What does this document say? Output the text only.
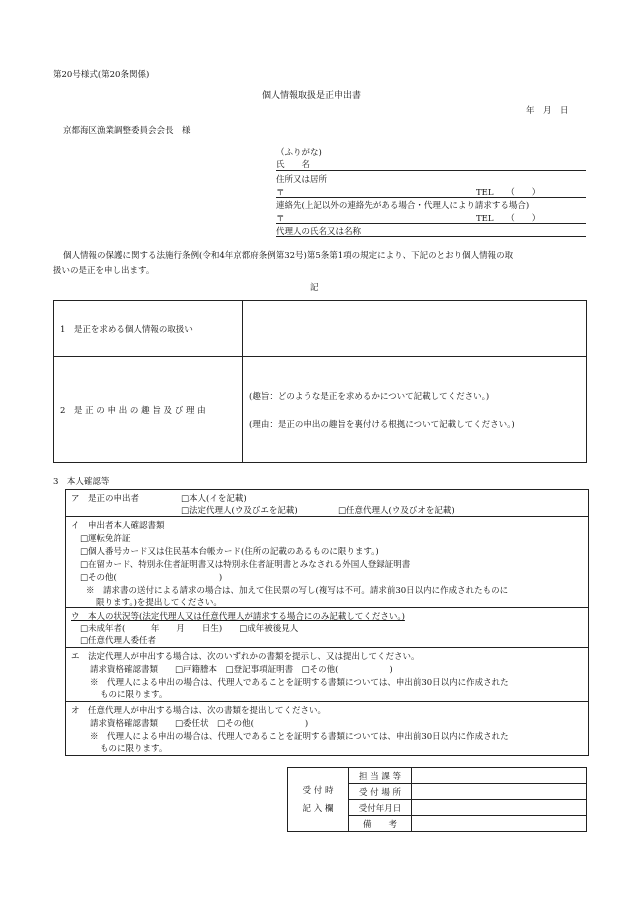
第20号様式(第20条関係)
個人情報取扱是正申出書
年　月　日
京都海区漁業調整委員会会長　様
（ふりがな)
氏　　名
住所又は居所
〒	TEL　　（　　）
連絡先(上記以外の連絡先がある場合・代理人により請求する場合)
〒	TEL　　（　　）
代理人の氏名又は名称
個人情報の保護に関する法施行条例(令和4年京都府条例第32号)第5条第1項の規定により、下記のとおり個人情報の取
扱いの是正を申し出ます。
記
1　是正を求める個人情報の取扱い	
2　是 正 の 申 出 の 趣 旨 及 び 理 由	(趣旨：どのような是正を求めるかについて記載してください。)
(理由：是正の申出の趣旨を裏付ける根拠について記載してください。)
3　本人確認等
ア　是正の申出者	□本人(イを記載)
□法定代理人(ウ及びエを記載)	□任意代理人(ウ及びオを記載)
イ　申出者本人確認書類
□運転免許証
□個人番号カード又は住民基本台帳カード(住所の記載のあるものに限ります。)
□在留カード、特別永住者証明書又は特別永住者証明書とみなされる外国人登録証明書
□その他(　　　　　　　　　　　　)
※　請求書の送付による請求の場合は、加えて住民票の写し(複写は不可。請求前30日以内に作成されたものに
限ります。)を提出してください。
ウ　本人の状況等(法定代理人又は任意代理人が請求する場合にのみ記載してください。)
□未成年者(　　　年　　月　　日生)　　□成年被後見人
□任意代理人委任者
エ　法定代理人が申出する場合は、次のいずれかの書類を提示し、又は提出してください。
請求資格確認書類　　□戸籍謄本　□登記事項証明書　□その他(　　　　　　)
※　代理人による申出の場合は、代理人であることを証明する書類については、申出前30日以内に作成された
ものに限ります。
オ　任意代理人が申出する場合は、次の書類を提出してください。
請求資格確認書類　　□委任状　□その他(　　　　　　)
※　代理人による申出の場合は、代理人であることを証明する書類については、申出前30日以内に作成された
ものに限ります。
受 付 時
記 入 欄	担 当 課 等	
	受 付 場 所	
	受付年月日	
	備　　考	
